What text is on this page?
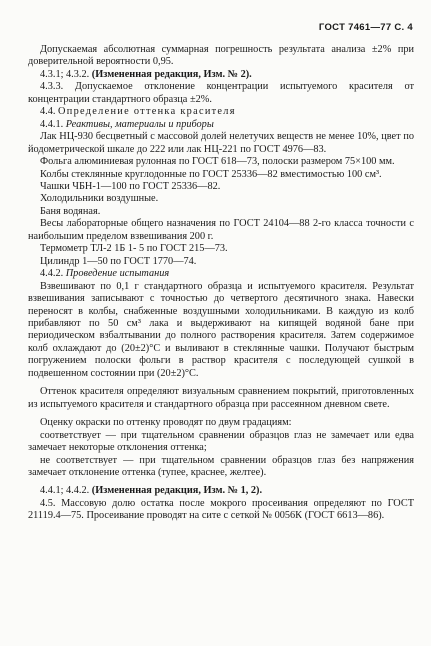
ГОСТ 7461—77 С. 4

Допускаемая абсолютная суммарная погрешность результата анализа ±2% при доверительной вероятности 0,95.

4.3.1; 4.3.2. (Измененная редакция, Изм. № 2).

4.3.3. Допускаемое отклонение концентрации испытуемого красителя от концентрации стандартного образца ±2%.

4.4. Определение оттенка красителя

4.4.1. Реактивы, материалы и приборы

Лак НЦ-930 бесцветный с массовой долей нелетучих веществ не менее 10%, цвет по йодометрической шкале до 222 или лак НЦ-221 по ГОСТ 4976—83.

Фольга алюминиевая рулонная по ГОСТ 618—73, полоски размером 75×100 мм.

Колбы стеклянные круглодонные по ГОСТ 25336—82 вместимостью 100 см³.

Чашки ЧБН-1—100 по ГОСТ 25336—82.

Холодильники воздушные.

Баня водяная.

Весы лабораторные общего назначения по ГОСТ 24104—88 2-го класса точности с наибольшим пределом взвешивания 200 г.

Термометр ТЛ-2 1Б 1- 5 по ГОСТ 215—73.

Цилиндр 1—50 по ГОСТ 1770—74.

4.4.2. Проведение испытания

Взвешивают по 0,1 г стандартного образца и испытуемого красителя. Результат взвешивания записывают с точностью до четвертого десятичного знака. Навески переносят в колбы, снабженные воздушными холодильниками. В каждую из колб прибавляют по 50 см³ лака и выдерживают на кипящей водяной бане при периодическом взбалтывании до полного растворения красителя. Затем содержимое колб охлаждают до (20±2)°С и выливают в стеклянные чашки. Получают быстрым погружением полоски фольги в раствор красителя с последующей сушкой в подвешенном состоянии при (20±2)°С.

Оттенок красителя определяют визуальным сравнением покрытий, приготовленных из испытуемого красителя и стандартного образца при рассеянном дневном свете.

Оценку окраски по оттенку проводят по двум градациям:

соответствует — при тщательном сравнении образцов глаз не замечает или едва замечает некоторые отклонения оттенка;

не соответствует — при тщательном сравнении образцов глаз без напряжения замечает отклонение оттенка (тупее, краснее, желтее).

4.4.1; 4.4.2. (Измененная редакция, Изм. № 1, 2).

4.5. Массовую долю остатка после мокрого просеивания определяют по ГОСТ 21119.4—75. Просеивание проводят на сите с сеткой № 0056К (ГОСТ 6613—86).
